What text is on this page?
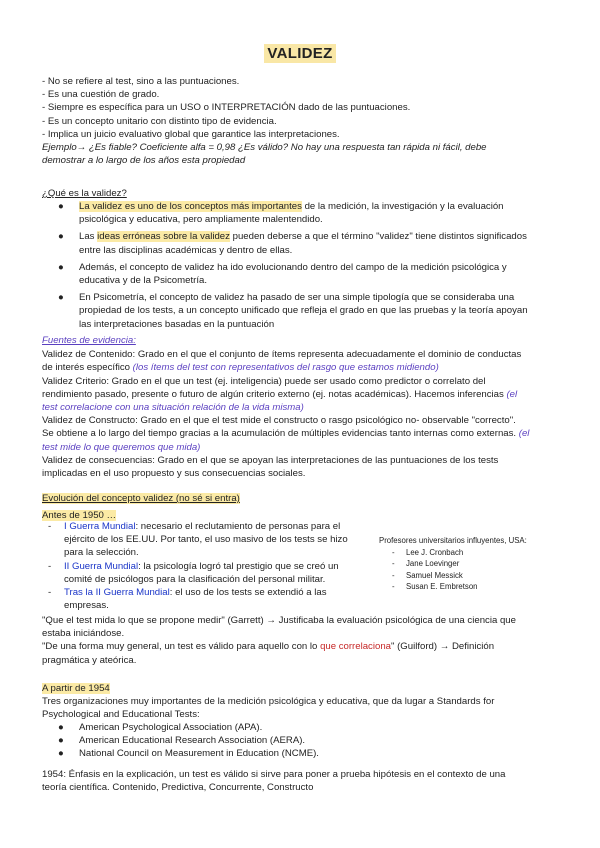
VALIDEZ
- No se refiere al test, sino a las puntuaciones.
- Es una cuestión de grado.
- Siempre es específica para un USO o INTERPRETACIÓN dado de las puntuaciones.
- Es un concepto unitario con distinto tipo de evidencia.
- Implica un juicio evaluativo global que garantice las interpretaciones.
Ejemplo→ ¿Es fiable? Coeficiente alfa = 0,98 ¿Es válido? No hay una respuesta tan rápida ni fácil, debe
demostrar a lo largo de los años esta propiedad
¿Qué es la validez?
● La validez es uno de los conceptos más importantes de la medición, la investigación y la evaluación
psicológica y educativa, pero ampliamente malentendido.
● Las ideas erróneas sobre la validez pueden deberse a que el término "validez" tiene distintos significados
entre las disciplinas académicas y dentro de ellas.
● Además, el concepto de validez ha ido evolucionando dentro del campo de la medición psicológica y
educativa y de la Psicometría.
● En Psicometría, el concepto de validez ha pasado de ser una simple tipología que se consideraba una
propiedad de los tests, a un concepto unificado que refleja el grado en que las pruebas y la teoría apoyan
las interpretaciones basadas en la puntuación
Fuentes de evidencia:
Validez de Contenido: Grado en el que el conjunto de ítems representa adecuadamente el dominio de conductas
de interés específico (los ítems del test con representativos del rasgo que estamos midiendo)
Validez Criterio: Grado en el que un test (ej. inteligencia) puede ser usado como predictor o correlato del
rendimiento pasado, presente o futuro de algún criterio externo (ej. notas académicas). Hacemos inferencias (el
test correlacione con una situación relación de la vida misma)
Validez de Constructo: Grado en el que el test mide el constructo o rasgo psicológico no- observable "correcto".
Se obtiene a lo largo del tiempo gracias a la acumulación de múltiples evidencias tanto internas como externas. (el
test mide lo que queremos que mida)
Validez de consecuencias: Grado en el que se apoyan las interpretaciones de las puntuaciones de los tests
implicadas en el uso propuesto y sus consecuencias sociales.
Evolución del concepto validez (no sé si entra)
Antes de 1950 …
- I Guerra Mundial: necesario el reclutamiento de personas para el
ejército de los EE.UU. Por tanto, el uso masivo de los tests se hizo
para la selección.
- II Guerra Mundial: la psicología logró tal prestigio que se creó un
comité de psicólogos para la clasificación del personal militar.
- Tras la II Guerra Mundial: el uso de los tests se extendió a las
empresas.
Profesores universitarios influyentes, USA:
- Lee J. Cronbach
- Jane Loevinger
- Samuel Messick
- Susan E. Embretson
"Que el test mida lo que se propone medir" (Garrett) → Justificaba la evaluación psicológica de una ciencia que
estaba iniciándose.
"De una forma muy general, un test es válido para aquello con lo que correlaciona" (Guilford) → Definición
pragmática y ateórica.
A partir de 1954
Tres organizaciones muy importantes de la medición psicológica y educativa, que da lugar a Standards for
Psychological and Educational Tests:
● American Psychological Association (APA).
● American Educational Research Association (AERA).
● National Council on Measurement in Education (NCME).
1954: Énfasis en la explicación, un test es válido si sirve para poner a prueba hipótesis en el contexto de una
teoría científica. Contenido, Predictiva, Concurrente, Constructo
